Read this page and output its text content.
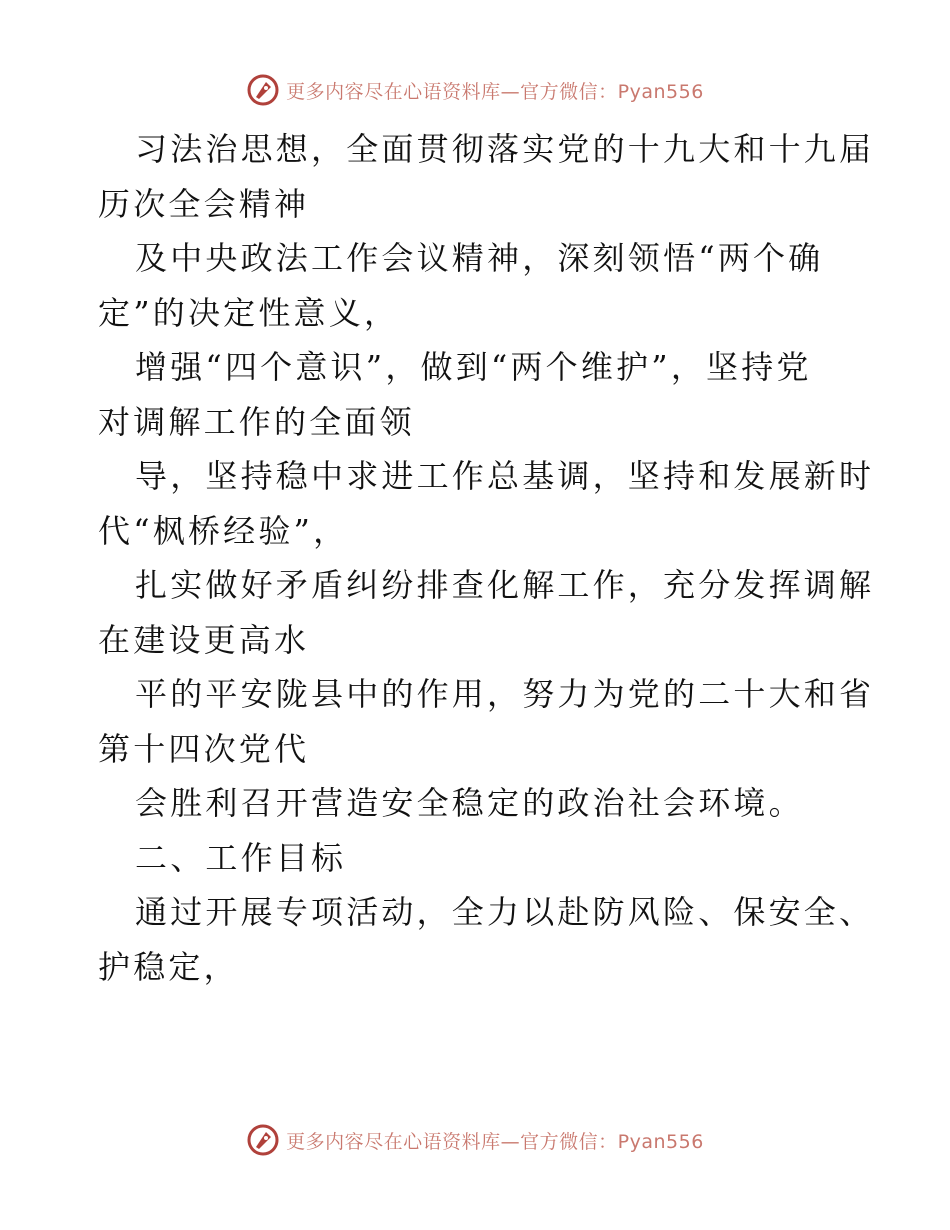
更多内容尽在心语资料库—官方微信：Pyan556
习法治思想，全面贯彻落实党的十九大和十九届
历次全会精神
及中央政法工作会议精神，深刻领悟“两个确
定”的决定性意义，
增强“四个意识”，做到“两个维护”，坚持党
对调解工作的全面领
导，坚持稳中求进工作总基调，坚持和发展新时
代“枫桥经验”，
扎实做好矛盾纠纷排查化解工作，充分发挥调解
在建设更高水
平的平安陇县中的作用，努力为党的二十大和省
第十四次党代
会胜利召开营造安全稳定的政治社会环境。
二、工作目标
通过开展专项活动，全力以赴防风险、保安全、
护稳定，
更多内容尽在心语资料库—官方微信：Pyan556
